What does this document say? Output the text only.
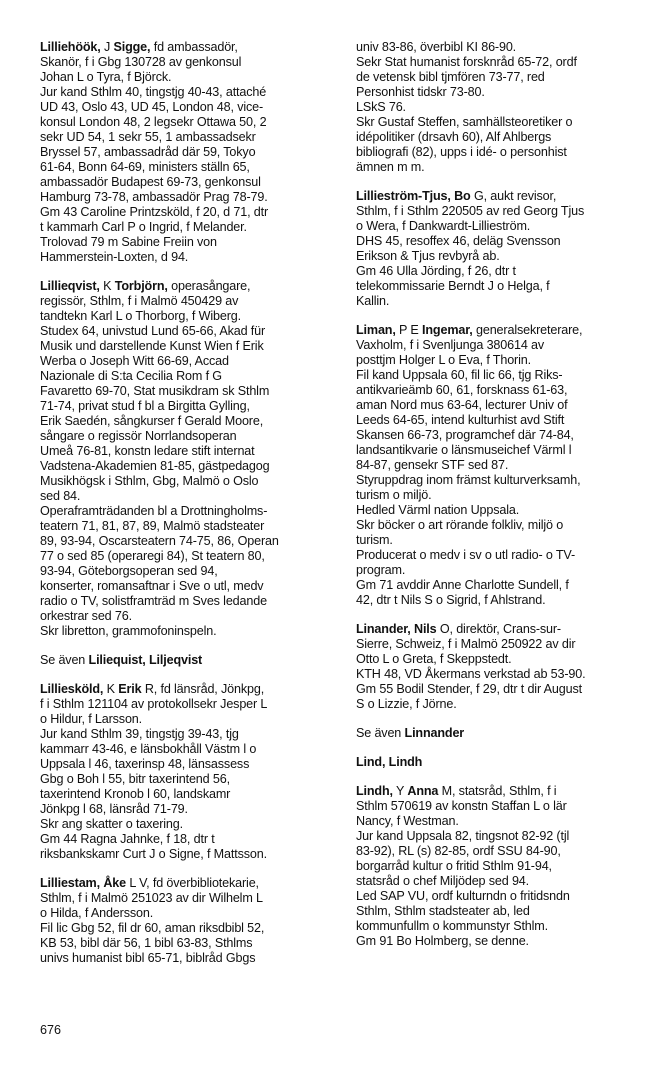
Lilliehöök, J Sigge, fd ambassadör,
Skanör, f i Gbg 130728 av genkonsul
Johan L o Tyra, f Björck.
Jur kand Sthlm 40, tingstjg 40-43, attaché
UD 43, Oslo 43, UD 45, London 48, vice-
konsul London 48, 2 legsekr Ottawa 50, 2
sekr UD 54, 1 sekr 55, 1 ambassadsekr
Bryssel 57, ambassadråd där 59, Tokyo
61-64, Bonn 64-69, ministers ställn 65,
ambassadör Budapest 69-73, genkonsul
Hamburg 73-78, ambassadör Prag 78-79.
Gm 43 Caroline Printzsköld, f 20, d 71, dtr
t kammarh Carl P o Ingrid, f Melander.
Trolovad 79 m Sabine Freiin von
Hammerstein-Loxten, d 94.
Lillieqvist, K Torbjörn, operasångare,
regissör, Sthlm, f i Malmö 450429 av
tandtekn Karl L o Thorborg, f Wiberg.
Studex 64, univstud Lund 65-66, Akad für
Musik und darstellende Kunst Wien f Erik
Werba o Joseph Witt 66-69, Accad
Nazionale di S:ta Cecilia Rom f G
Favaretto 69-70, Stat musikdram sk Sthlm
71-74, privat stud f bl a Birgitta Gylling,
Erik Saedén, sångkurser f Gerald Moore,
sångare o regissör Norrlandsoperan
Umeå 76-81, konstn ledare stift internat
Vadstena-Akademien 81-85, gästpedagog
Musikhögsk i Sthlm, Gbg, Malmö o Oslo
sed 84.
Operaframträdanden bl a Drottningholms-
teatern 71, 81, 87, 89, Malmö stadsteater
89, 93-94, Oscarsteatern 74-75, 86, Operan
77 o sed 85 (operaregi 84), St teatern 80,
93-94, Göteborgsoperan sed 94,
konserter, romansaftnar i Sve o utl, medv
radio o TV, solistframträd m Sves ledande
orkestrar sed 76.
Skr libretton, grammofoninspeln.
Se även Liliequist, Liljeqvist
Lilliesköld, K Erik R, fd länsråd, Jönkpg,
f i Sthlm 121104 av protokollsekr Jesper L
o Hildur, f Larsson.
Jur kand Sthlm 39, tingstjg 39-43, tjg
kammarr 43-46, e länsbokhåll Västm l o
Uppsala l 46, taxerinsp 48, länsassess
Gbg o Boh l 55, bitr taxerintend 56,
taxerintend Kronob l 60, landskamr
Jönkpg l 68, länsråd 71-79.
Skr ang skatter o taxering.
Gm 44 Ragna Jahnke, f 18, dtr t
riksbankskamr Curt J o Signe, f Mattsson.
Lilliestam, Åke L V, fd överbibliotekarie,
Sthlm, f i Malmö 251023 av dir Wilhelm L
o Hilda, f Andersson.
Fil lic Gbg 52, fil dr 60, aman riksdbibl 52,
KB 53, bibl där 56, 1 bibl 63-83, Sthlms
univs humanist bibl 65-71, biblråd Gbgs
univ 83-86, överbibl KI 86-90.
Sekr Stat humanist forsknråd 65-72, ordf
de vetensk bibl tjmfören 73-77, red
Personhist tidskr 73-80.
LSkS 76.
Skr Gustaf Steffen, samhällsteoretiker o
idépolitiker (drsavh 60), Alf Ahlbergs
bibliografi (82), upps i idé- o personhist
ämnen m m.
Lillieström-Tjus, Bo G, aukt revisor,
Sthlm, f i Sthlm 220505 av red Georg Tjus
o Wera, f Dankwardt-Lillieström.
DHS 45, resoffex 46, deläg Svensson
Erikson & Tjus revbyrå ab.
Gm 46 Ulla Jörding, f 26, dtr t
telekommissarie Berndt J o Helga, f
Kallin.
Liman, P E Ingemar, generalsekreterare,
Vaxholm, f i Svenljunga 380614 av
posttjm Holger L o Eva, f Thorin.
Fil kand Uppsala 60, fil lic 66, tjg Riks-
antikvarieämb 60, 61, forsknass 61-63,
aman Nord mus 63-64, lecturer Univ of
Leeds 64-65, intend kulturhist avd Stift
Skansen 66-73, programchef där 74-84,
landsantikvarie o länsmuseichef Värml l
84-87, gensekr STF sed 87.
Styruppdrag inom främst kulturverksamh,
turism o miljö.
Hedled Värml nation Uppsala.
Skr böcker o art rörande folkliv, miljö o
turism.
Producerat o medv i sv o utl radio- o TV-
program.
Gm 71 avddir Anne Charlotte Sundell, f
42, dtr t Nils S o Sigrid, f Ahlstrand.
Linander, Nils O, direktör, Crans-sur-
Sierre, Schweiz, f i Malmö 250922 av dir
Otto L o Greta, f Skeppstedt.
KTH 48, VD Åkermans verkstad ab 53-90.
Gm 55 Bodil Stender, f 29, dtr t dir August
S o Lizzie, f Jörne.
Se även Linnander
Lind, Lindh
Lindh, Y Anna M, statsråd, Sthlm, f i
Sthlm 570619 av konstn Staffan L o lär
Nancy, f Westman.
Jur kand Uppsala 82, tingsnot 82-92 (tjl
83-92), RL (s) 82-85, ordf SSU 84-90,
borgarråd kultur o fritid Sthlm 91-94,
statsråd o chef Miljödep sed 94.
Led SAP VU, ordf kulturndn o fritidsndn
Sthlm, Sthlm stadsteater ab, led
kommunfullm o kommunstyr Sthlm.
Gm 91 Bo Holmberg, se denne.
676
